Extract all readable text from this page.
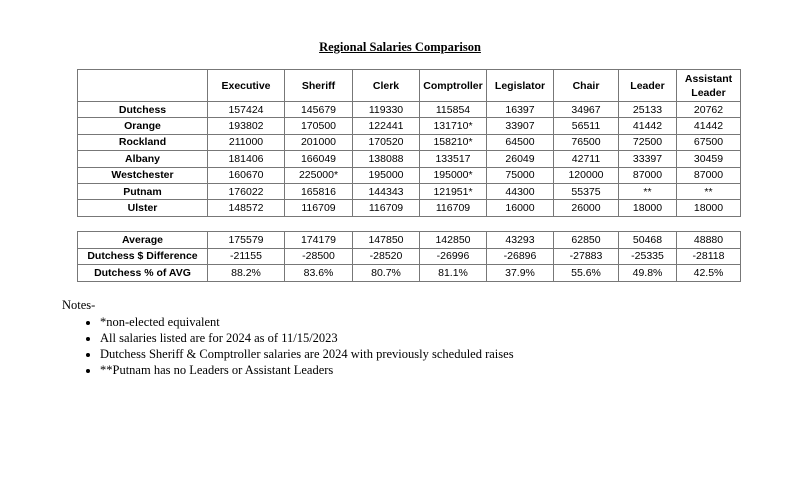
Regional Salaries Comparison
	Executive	Sheriff	Clerk	Comptroller	Legislator	Chair	Leader	Assistant Leader
Dutchess	157424	145679	119330	115854	16397	34967	25133	20762
Orange	193802	170500	122441	131710*	33907	56511	41442	41442
Rockland	211000	201000	170520	158210*	64500	76500	72500	67500
Albany	181406	166049	138088	133517	26049	42711	33397	30459
Westchester	160670	225000*	195000	195000*	75000	120000	87000	87000
Putnam	176022	165816	144343	121951*	44300	55375	**	**
Ulster	148572	116709	116709	116709	16000	26000	18000	18000
Average	175579	174179	147850	142850	43293	62850	50468	48880
Dutchess $ Difference	-21155	-28500	-28520	-26996	-26896	-27883	-25335	-28118
Dutchess % of AVG	88.2%	83.6%	80.7%	81.1%	37.9%	55.6%	49.8%	42.5%
Notes-
• *non-elected equivalent
• All salaries listed are for 2024 as of 11/15/2023
• Dutchess Sheriff & Comptroller salaries are 2024 with previously scheduled raises
• **Putnam has no Leaders or Assistant Leaders
